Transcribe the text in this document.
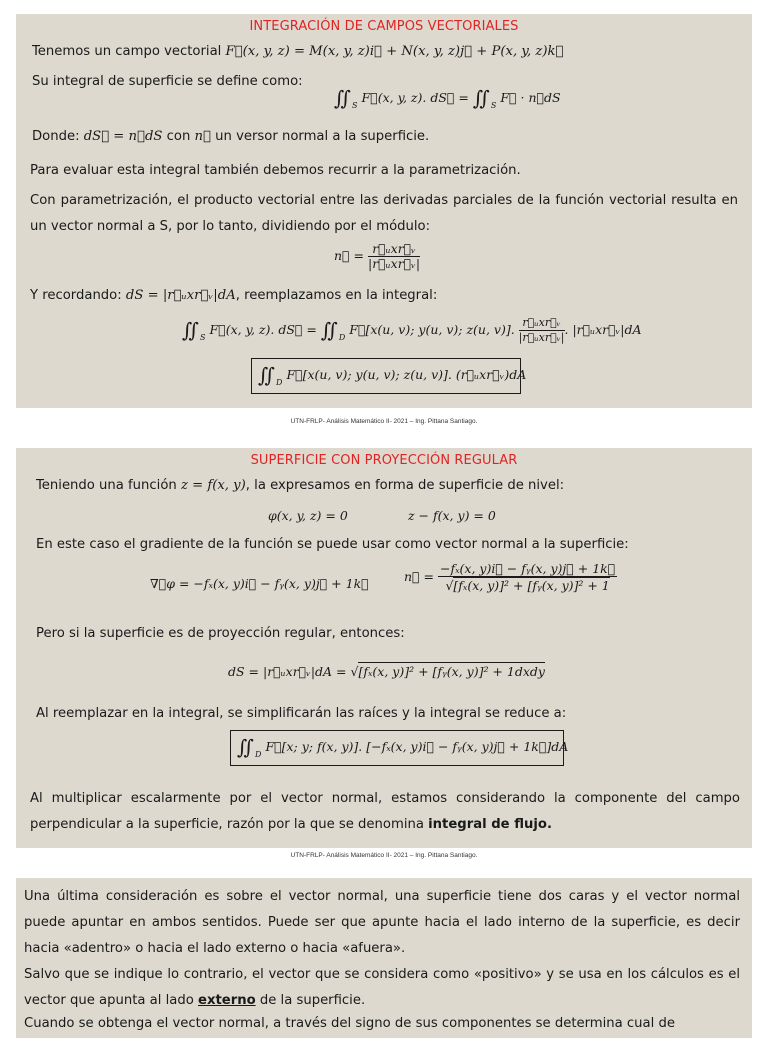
INTEGRACIÓN DE CAMPOS VECTORIALES
Tenemos un campo vectorial F⃗(x, y, z) = M(x, y, z)i⃗ + N(x, y, z)j⃗ + P(x, y, z)k⃗
Su integral de superficie se define como:
$∬_SF⃗(x$, y, z). dS⃗ = $∬_SF⃗$ · n⃗dS
Donde: dS⃗ = n⃗dS con n⃗ un versor normal a la superficie.
Para evaluar esta integral también debemos recurrir a la parametrización.
Con parametrización, el producto vectorial entre las derivadas parciales de la función vectorial resulta en un vector normal a S, por lo tanto, dividiendo por el módulo:
n⃗ = $\frac{\text{r⃗ᵤxr⃗ᵥ}}{\text{|r⃗ᵤxr⃗ᵥ|}}$
Y recordando: dS = |r⃗ᵤxr⃗ᵥ|dA, reemplazamos en la integral:
$∬_SF⃗(x$, y, z). dS⃗ = $∬_DF⃗[x(u$, v); y(u, v); z(u, v)]. $\frac{\text{r⃗ᵤxr⃗ᵥ}}{\text{|r⃗ᵤxr⃗ᵥ|}}$ . |r⃗ᵤxr⃗ᵥ|dA
$∬_DF⃗[x(u$, v); y(u, v); z(u, v)]. (r⃗ᵤxr⃗ᵥ)dA
UTN-FRLP- Análisis Matemático II- 2021 – Ing. Pittana Santiago.
SUPERFICIE CON PROYECCIÓN REGULAR
Teniendo una función z = f(x, y), la expresamos en forma de superficie de nivel:
φ(x, y, z) = 0	z − f(x, y) = 0
En este caso el gradiente de la función se puede usar como vector normal a la superficie:
∇⃗φ = −fₓ(x, y)i⃗ − fᵧ(x, y)j⃗ + 1k⃗	n⃗ = $\frac{\text{−fₓ(x, y)i⃗ − fᵧ(x, y)j⃗ + 1k⃗}}{\text{√[fₓ(x, y)]² + [fᵧ(x, y)]² + 1}}$
Pero si la superficie es de proyección regular, entonces:
dS = |r⃗ᵤxr⃗ᵥ|dA = √[fₓ(x, y)]² + [fᵧ(x, y)]² + 1dxdy
Al reemplazar en la integral, se simplificarán las raíces y la integral se reduce a:
$∬_DF⃗[x$; y; f(x, y)]. [−fₓ(x, y)i⃗ − fᵧ(x, y)j⃗ + 1k⃗]dA
Al multiplicar escalarmente por el vector normal, estamos considerando la componente del campo perpendicular a la superficie, razón por la que se denomina integral de flujo.
UTN-FRLP- Análisis Matemático II- 2021 – Ing. Pittana Santiago.
Una última consideración es sobre el vector normal, una superficie tiene dos caras y el vector normal puede apuntar en ambos sentidos. Puede ser que apunte hacia el lado interno de la superficie, es decir hacia «adentro» o hacia el lado externo o hacia «afuera».
Salvo que se indique lo contrario, el vector que se considera como «positivo» y se usa en los cálculos es el vector que apunta al lado externo de la superficie.
Cuando se obtenga el vector normal, a través del signo de sus componentes se determina cual de
